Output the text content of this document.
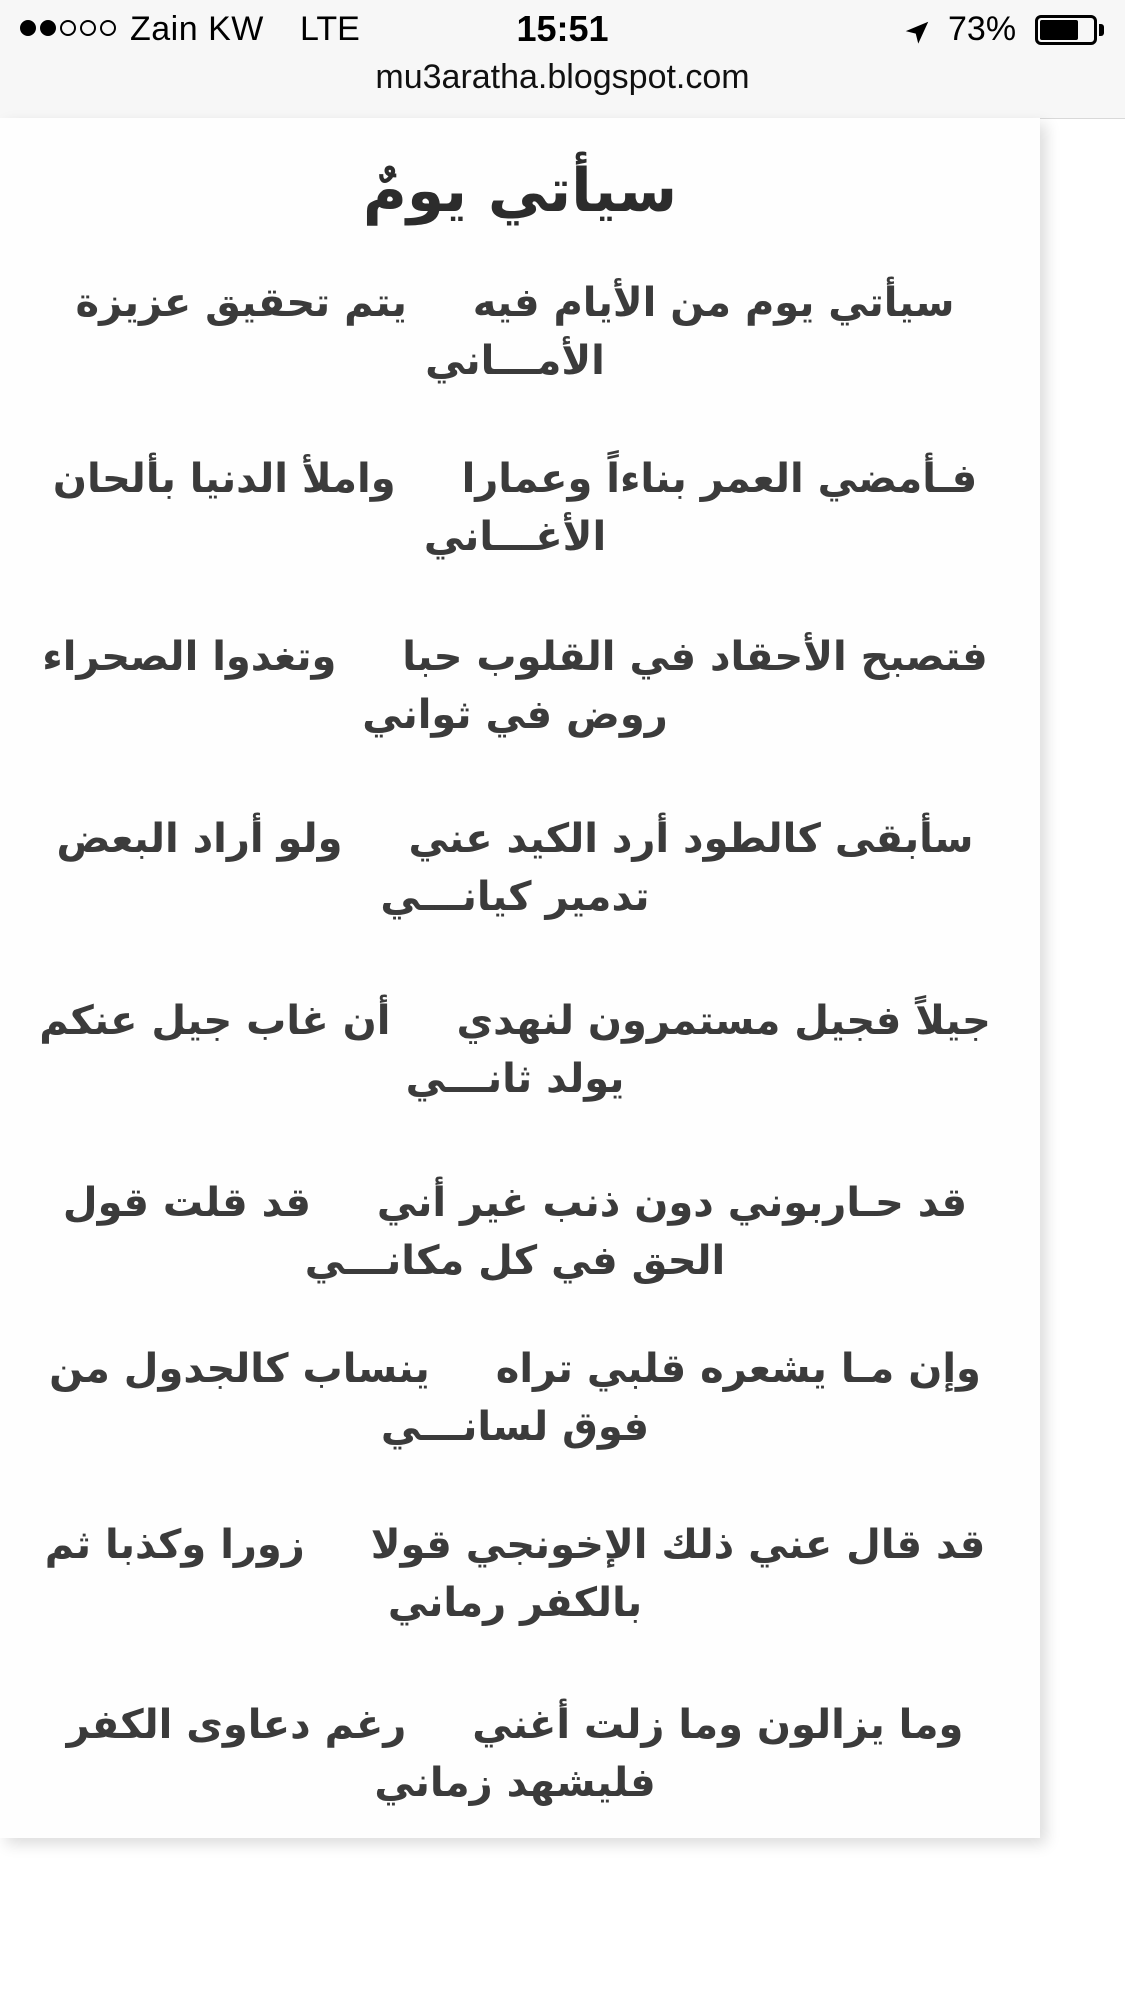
Zain KW LTE	15:51	73%
mu3aratha.blogspot.com
سيأتي يومٌ
سيأتي يوم من الأيام فيه يتم تحقيق عزيزة الأمـــاني
فـأمضي العمر بناءاً وعمارا واملأ الدنيا بألحان الأغـــاني
فتصبح الأحقاد في القلوب حبا وتغدوا الصحراء روض في ثواني
سأبقى كالطود أرد الكيد عني ولو أراد البعض تدمير كيانـــي
جيلاً فجيل مستمرون لنهدي أن غاب جيل عنكم يولد ثانـــي
قد حـاربوني دون ذنب غير أني قد قلت قول الحق في كل مكانـــي
وإن مـا يشعره قلبي تراه ينساب كالجدول من فوق لسانـــي
قد قال عني ذلك الإخونجي قولا زورا وكذبا ثم بالكفر رماني
وما يزالون وما زلت أغني رغم دعاوى الكفر فليشهد زماني
